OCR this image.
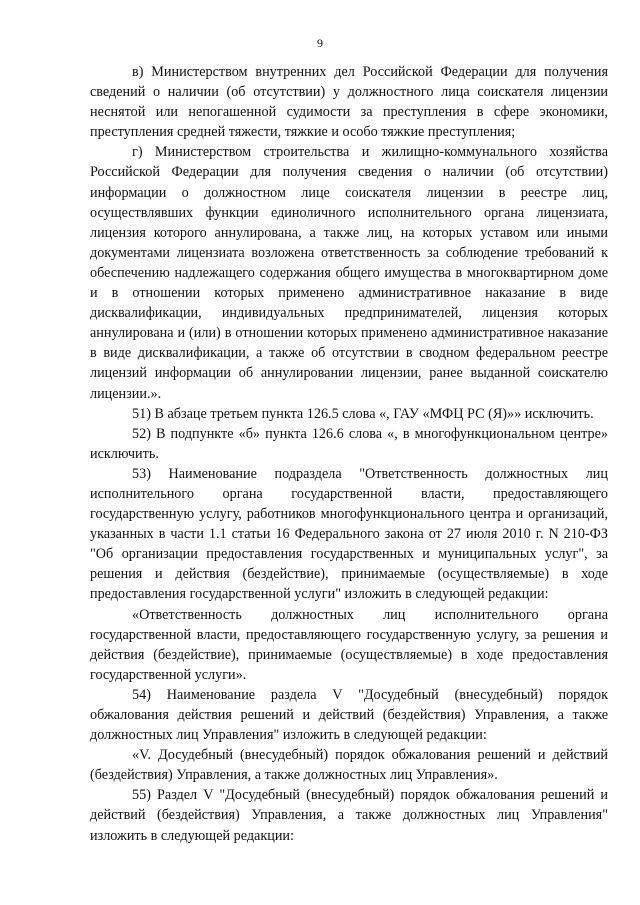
9

в) Министерством внутренних дел Российской Федерации для получения сведений о наличии (об отсутствии) у должностного лица соискателя лицензии неснятой или непогашенной судимости за преступления в сфере экономики, преступления средней тяжести, тяжкие и особо тяжкие преступления;

г) Министерством строительства и жилищно-коммунального хозяйства Российской Федерации для получения сведения о наличии (об отсутствии) информации о должностном лице соискателя лицензии в реестре лиц, осуществлявших функции единоличного исполнительного органа лицензиата, лицензия которого аннулирована, а также лиц, на которых уставом или иными документами лицензиата возложена ответственность за соблюдение требований к обеспечению надлежащего содержания общего имущества в многоквартирном доме и в отношении которых применено административное наказание в виде дисквалификации, индивидуальных предпринимателей, лицензия которых аннулирована и (или) в отношении которых применено административное наказание в виде дисквалификации, а также об отсутствии в сводном федеральном реестре лицензий информации об аннулировании лицензии, ранее выданной соискателю лицензии.».

51) В абзаце третьем пункта 126.5 слова «, ГАУ «МФЦ РС (Я)»» исключить.

52) В подпункте «б» пункта 126.6 слова «, в многофункциональном центре» исключить.

53) Наименование подраздела "Ответственность должностных лиц исполнительного органа государственной власти, предоставляющего государственную услугу, работников многофункционального центра и организаций, указанных в части 1.1 статьи 16 Федерального закона от 27 июля 2010 г. N 210-ФЗ "Об организации предоставления государственных и муниципальных услуг", за решения и действия (бездействие), принимаемые (осуществляемые) в ходе предоставления государственной услуги" изложить в следующей редакции:

«Ответственность должностных лиц исполнительного органа государственной власти, предоставляющего государственную услугу, за решения и действия (бездействие), принимаемые (осуществляемые) в ходе предоставления государственной услуги».

54) Наименование раздела V "Досудебный (внесудебный) порядок обжалования действия решений и действий (бездействия) Управления, а также должностных лиц Управления" изложить в следующей редакции:

«V. Досудебный (внесудебный) порядок обжалования решений и действий (бездействия) Управления, а также должностных лиц Управления».

55) Раздел V "Досудебный (внесудебный) порядок обжалования решений и действий (бездействия) Управления, а также должностных лиц Управления" изложить в следующей редакции:
